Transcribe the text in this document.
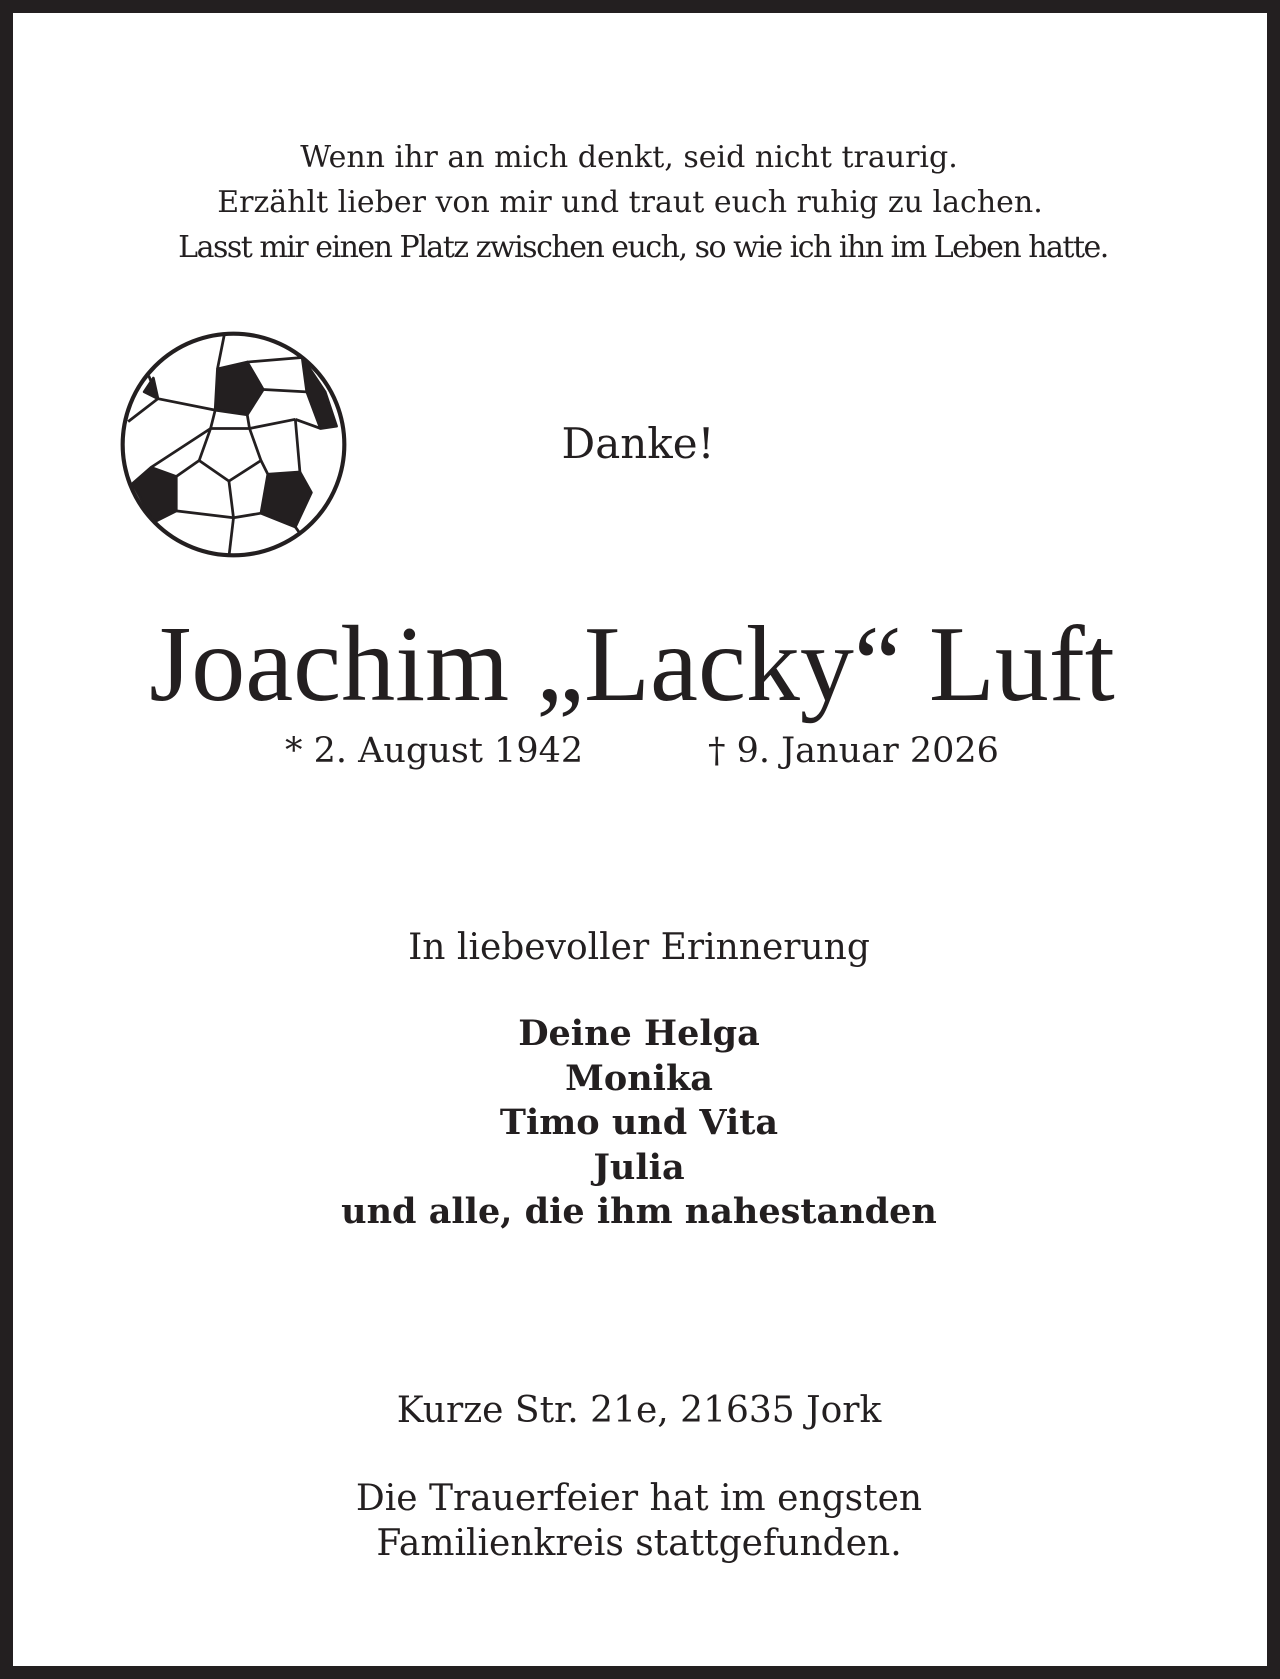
Wenn ihr an mich denkt, seid nicht traurig.

Erzählt lieber von mir und traut euch ruhig zu lachen.

Lasst mir einen Platz zwischen euch, so wie ich ihn im Leben hatte.

Danke!

Joachim „Lacky“ Luft

* 2. August 1942	† 9. Januar 2026

In liebevoller Erinnerung

Deine Helga
Monika
Timo und Vita
Julia
und alle, die ihm nahestanden

Kurze Str. 21e, 21635 Jork

Die Trauerfeier hat im engsten
Familienkreis stattgefunden.
